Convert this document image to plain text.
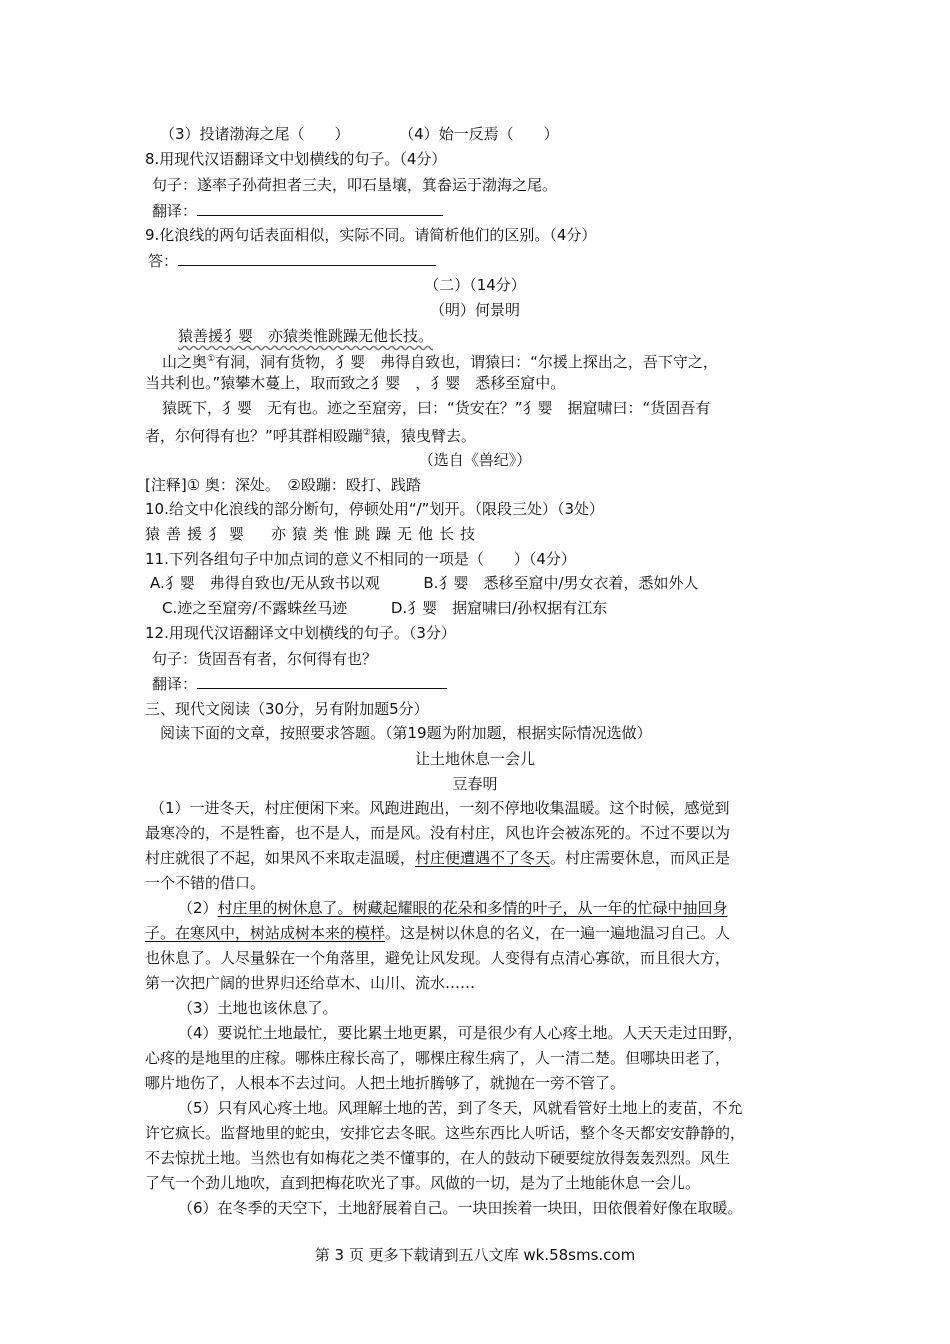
（3）投诸渤海之尾（　　）	（4）始一反焉（　　）
8.用现代汉语翻译文中划横线的句子。（4分）
句子：遂率子孙荷担者三夫，叩石垦壤，箕畚运于渤海之尾。
翻译：
9.化浪线的两句话表面相似，实际不同。请简析他们的区别。（4分）
答：
（二）（14分）
（明）何景明
猿善援犭婴　亦猿类惟跳躁无他长技。
山之奥①有洞，洞有货物，犭婴　弗得自致也，谓猿曰：“尔援上探出之，吾下守之，
当共利也。”猿攀木蔓上，取而致之犭婴　，犭婴　悉移至窟中。
猿既下，犭婴　无有也。迹之至窟旁，曰：“货安在？”犭婴　据窟啸曰：“货固吾有
者，尔何得有也？”呼其群相殴蹦②猿，猿曳臂去。
（选自《兽纪》）
[注释]① 奥：深处。　②殴蹦：殴打、践踏
10.给文中化浪线的部分断句，停顿处用“/”划开。（限段三处）（3处）
猿善援犭婴　亦猿类惟跳躁无他长技
11.下列各组句子中加点词的意义不相同的一项是（　　）（4分）
A.犭婴　弗得自致也/无从致书以观	B.犭婴　悉移至窟中/男女衣着，悉如外人
C.迹之至窟旁/不露蛛丝马迹	D.犭婴　据窟啸曰/孙权据有江东
12.用现代汉语翻译文中划横线的句子。（3分）
句子：货固吾有者，尔何得有也？
翻译：
三、现代文阅读（30分，另有附加题5分）
阅读下面的文章，按照要求答题。（第19题为附加题，根据实际情况选做）
让土地休息一会儿
豆春明
（1）一进冬天，村庄便闲下来。风跑进跑出，一刻不停地收集温暖。这个时候，感觉到
最寒冷的，不是牲畜，也不是人，而是风。没有村庄，风也许会被冻死的。不过不要以为
村庄就很了不起，如果风不来取走温暖，村庄便遭遇不了冬天。村庄需要休息，而风正是
一个不错的借口。
（2）村庄里的树休息了。树藏起耀眼的花朵和多情的叶子，从一年的忙碌中抽回身
子。在寒风中，树站成树本来的模样。这是树以休息的名义，在一遍一遍地温习自己。人
也休息了。人尽量躲在一个角落里，避免让风发现。人变得有点清心寡欲，而且很大方，
第一次把广阔的世界归还给草木、山川、流水……
（3）土地也该休息了。
（4）要说忙土地最忙，要比累土地更累，可是很少有人心疼土地。人天天走过田野，
心疼的是地里的庄稼。哪株庄稼长高了，哪棵庄稼生病了，人一清二楚。但哪块田老了，
哪片地伤了，人根本不去过问。人把土地折腾够了，就抛在一旁不管了。
（5）只有风心疼土地。风理解土地的苦，到了冬天，风就看管好土地上的麦苗，不允
许它疯长。监督地里的蛇虫，安排它去冬眠。这些东西比人听话，整个冬天都安安静静的，
不去惊扰土地。当然也有如梅花之类不懂事的，在人的鼓动下硬要绽放得轰轰烈烈。风生
了气一个劲儿地吹，直到把梅花吹光了事。风做的一切，是为了土地能休息一会儿。
（6）在冬季的天空下，土地舒展着自己。一块田挨着一块田，田依偎着好像在取暖。
第 3 页 更多下载请到五八文库 wk.58sms.com
